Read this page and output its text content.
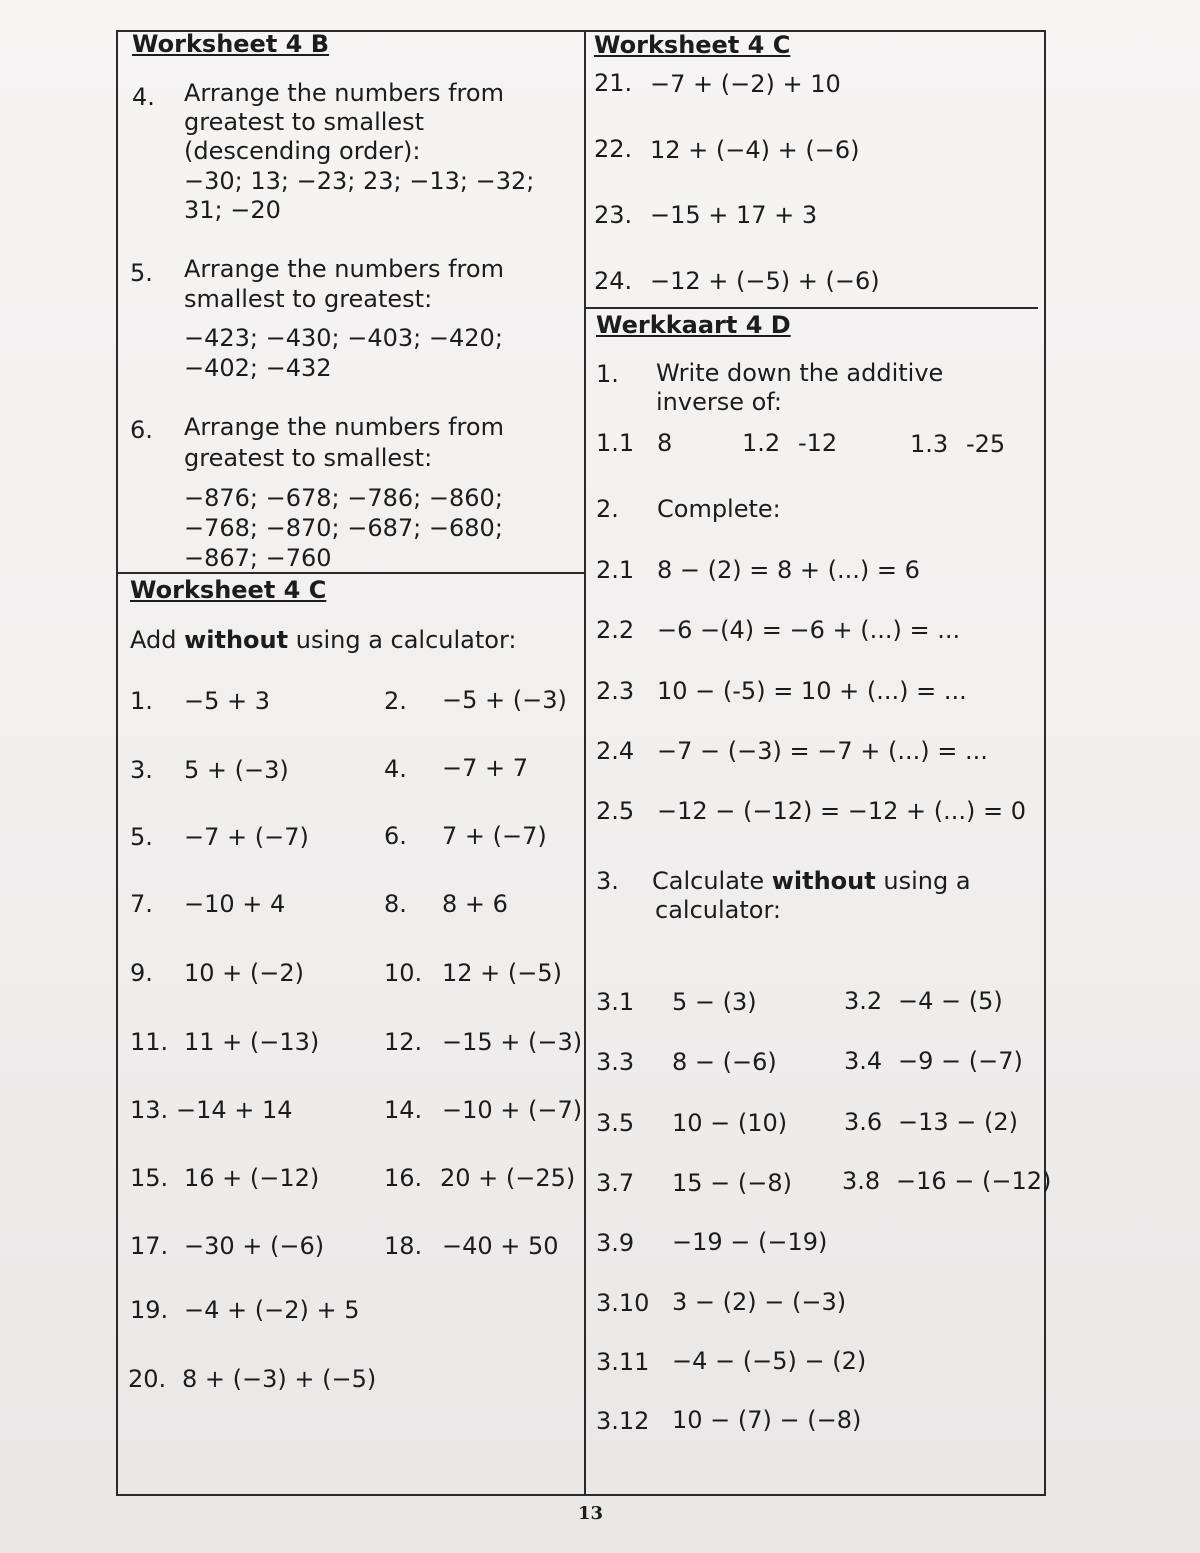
Worksheet 4 B
4. Arrange the numbers from
greatest to smallest
(descending order):
−30; 13; −23; 23; −13; −32;
31; −20
5. Arrange the numbers from
smallest to greatest:
−423; −430; −403; −420;
−402; −432
6. Arrange the numbers from
greatest to smallest:
−876; −678; −786; −860;
−768; −870; −687; −680;
−867; −760
Worksheet 4 C
Add without using a calculator:
1. −5 + 3	2. −5 + (−3)
3. 5 + (−3)	4. −7 + 7
5. −7 + (−7)	6. 7 + (−7)
7. −10 + 4	8. 8 + 6
9. 10 + (−2)	10. 12 + (−5)
11. 11 + (−13)	12. −15 + (−3)
13. −14 + 14	14. −10 + (−7)
15. 16 + (−12)	16. 20 + (−25)
17. −30 + (−6) 18. −40 + 50
19. −4 + (−2) + 5
20. 8 + (−3) + (−5)
Worksheet 4 C
21. −7 + (−2) + 10
22. 12 + (−4) + (−6)
23. −15 + 17 + 3
24. −12 + (−5) + (−6)
Werkkaart 4 D
1. Write down the additive
inverse of:
1.1 8	1.2 -12	1.3 -25
2. Complete:
2.1 8 − (2) = 8 + (...) = 6
2.2 −6 −(4) = −6 + (...) = ...
2.3 10 − (-5) = 10 + (...) = ...
2.4 −7 − (−3) = −7 + (...) = ...
2.5 −12 − (−12) = −12 + (...) = 0
3. Calculate without using a
calculator:
3.1 5 − (3)	3.2 −4 − (5)
3.3 8 − (−6)	3.4 −9 − (−7)
3.5 10 − (10) 3.6 −13 − (2)
3.7 15 − (−8) 3.8 −16 − (−12)
3.9 −19 − (−19)
3.10 3 − (2) − (−3)
3.11 −4 − (−5) − (2)
3.12 10 − (7) − (−8)
13
